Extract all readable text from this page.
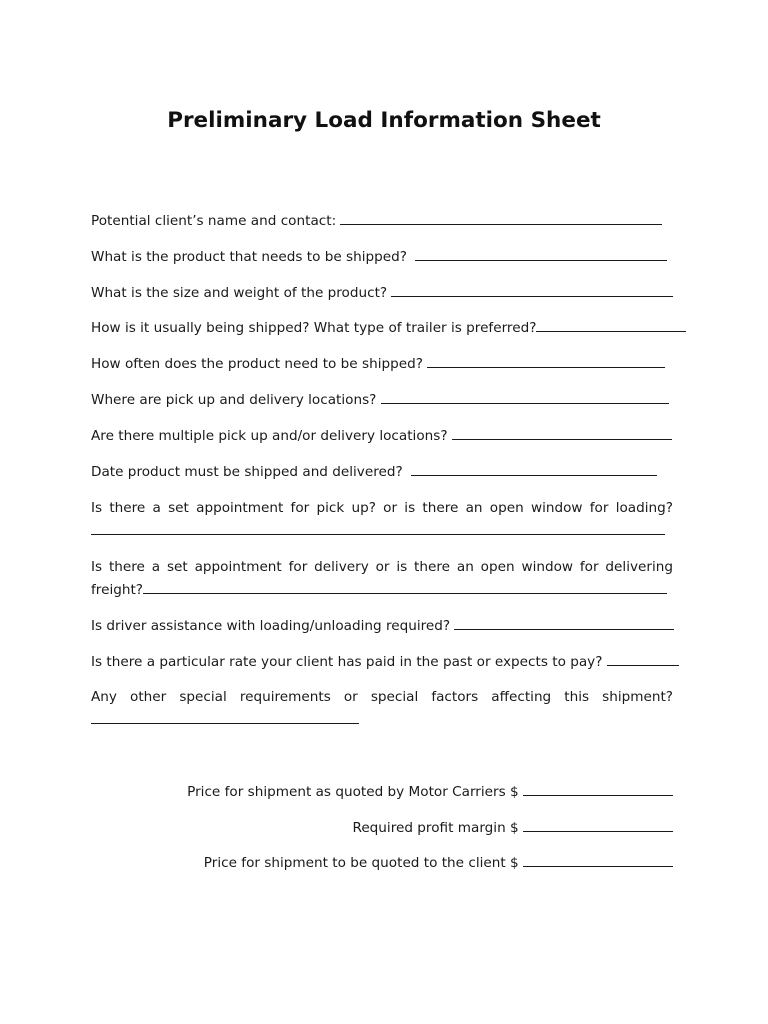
Preliminary Load Information Sheet
Potential client’s name and contact:
What is the product that needs to be shipped?
What is the size and weight of the product?
How is it usually being shipped? What type of trailer is preferred?
How often does the product need to be shipped?
Where are pick up and delivery locations?
Are there multiple pick up and/or delivery locations?
Date product must be shipped and delivered?
Is there a set appointment for pick up? or is there an open window for loading?
Is there a set appointment for delivery or is there an open window for delivering
freight?
Is driver assistance with loading/unloading required?
Is there a particular rate your client has paid in the past or expects to pay?
Any other special requirements or special factors affecting this shipment?
Price for shipment as quoted by Motor Carriers $
Required profit margin $
Price for shipment to be quoted to the client $
